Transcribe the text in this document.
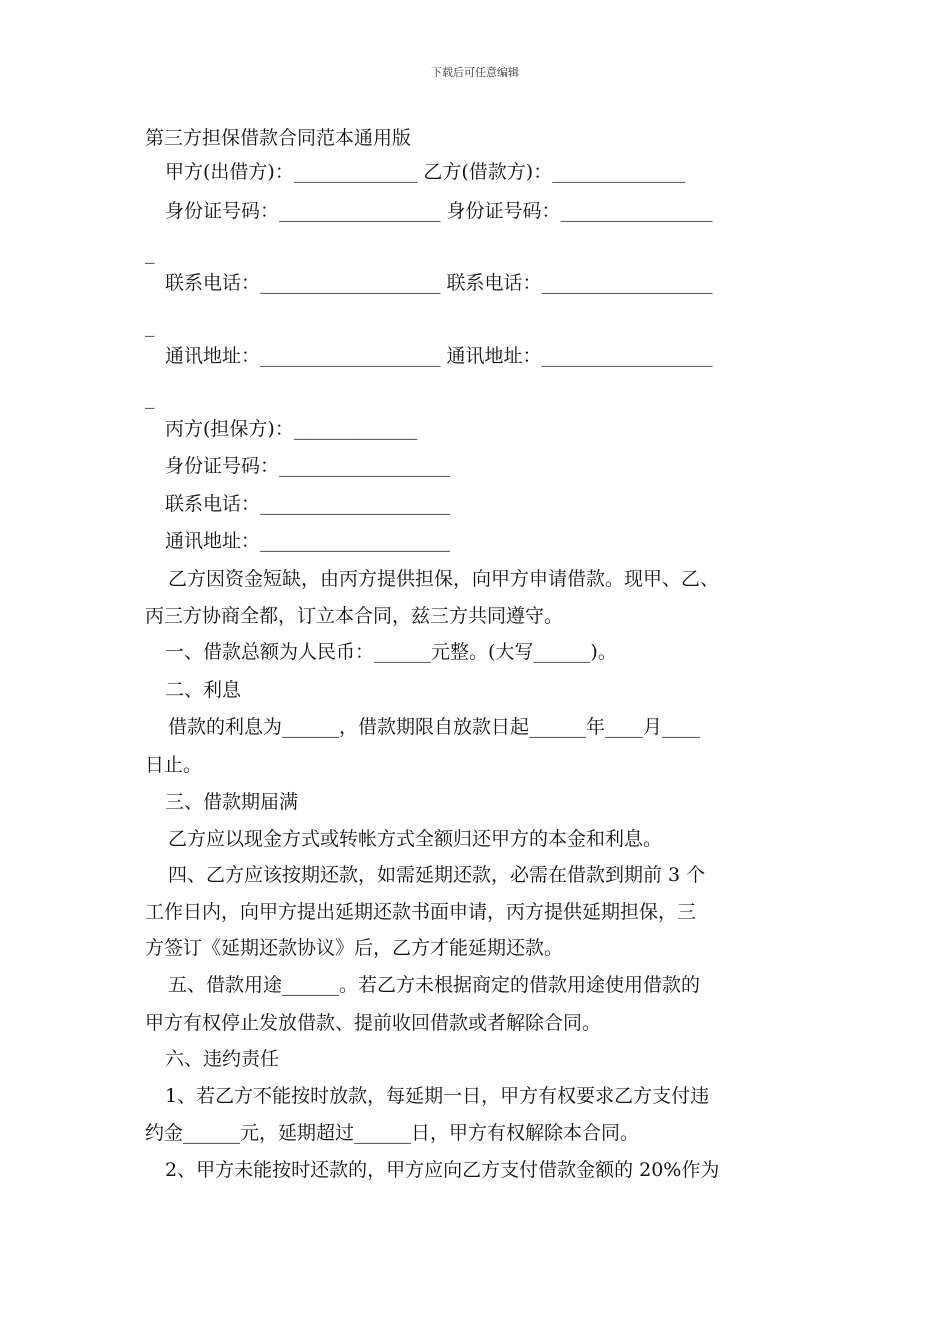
下载后可任意编辑
第三方担保借款合同范本通用版
甲方(出借方)：_____________ 乙方(借款方)：______________
身份证号码：_________________ 身份证号码：________________
_
联系电话：___________________ 联系电话：__________________
_
通讯地址：___________________ 通讯地址：__________________
_
丙方(担保方)：_____________
身份证号码：__________________
联系电话：____________________
通讯地址：____________________
乙方因资金短缺，由丙方提供担保，向甲方申请借款。现甲、乙、
丙三方协商全都，订立本合同，兹三方共同遵守。
一、借款总额为人民币：______元整。(大写______)。
二、利息
借款的利息为______，借款期限自放款日起______年____月____
日止。
三、借款期届满
乙方应以现金方式或转帐方式全额归还甲方的本金和利息。
四、乙方应该按期还款，如需延期还款，必需在借款到期前 3 个
工作日内，向甲方提出延期还款书面申请，丙方提供延期担保，三
方签订《延期还款协议》后，乙方才能延期还款。
五、借款用途______。若乙方未根据商定的借款用途使用借款的
甲方有权停止发放借款、提前收回借款或者解除合同。
六、违约责任
1、若乙方不能按时放款，每延期一日，甲方有权要求乙方支付违
约金______元，延期超过______日，甲方有权解除本合同。
2、甲方未能按时还款的，甲方应向乙方支付借款金额的 20%作为
